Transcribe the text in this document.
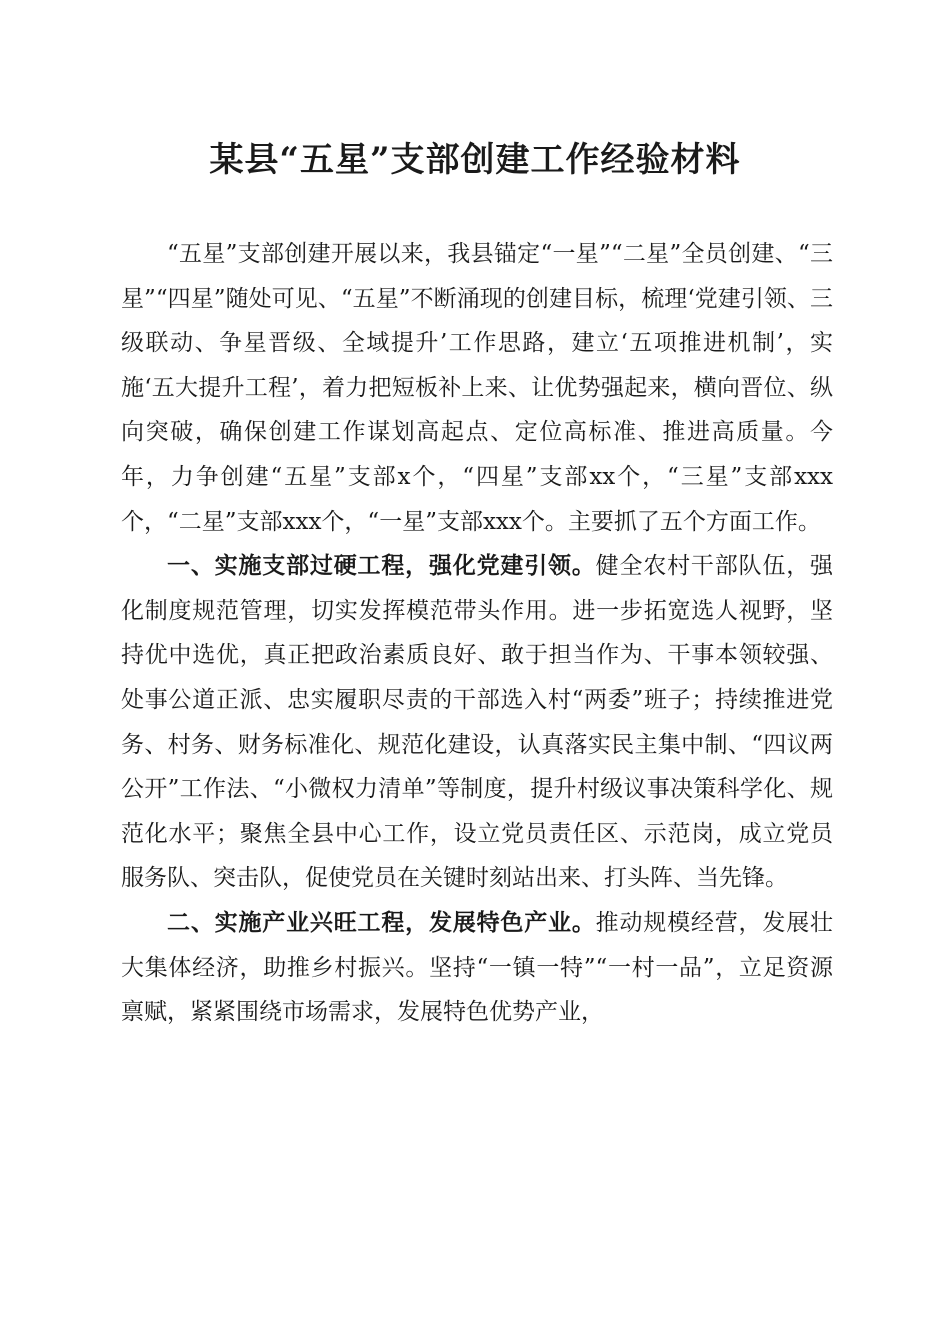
某县“五星”支部创建工作经验材料

“五星”支部创建开展以来，我县锚定“一星”“二星”全员创建、“三星”“四星”随处可见、“五星”不断涌现的创建目标，梳理‘党建引领、三级联动、争星晋级、全域提升’工作思路，建立‘五项推进机制’，实施‘五大提升工程’，着力把短板补上来、让优势强起来，横向晋位、纵向突破，确保创建工作谋划高起点、定位高标准、推进高质量。今年，力争创建“五星”支部x个，“四星”支部xx个，“三星”支部xxx个，“二星”支部xxx个，“一星”支部xxx个。主要抓了五个方面工作。

一、实施支部过硬工程，强化党建引领。健全农村干部队伍，强化制度规范管理，切实发挥模范带头作用。进一步拓宽选人视野，坚持优中选优，真正把政治素质良好、敢于担当作为、干事本领较强、处事公道正派、忠实履职尽责的干部选入村“两委”班子；持续推进党务、村务、财务标准化、规范化建设，认真落实民主集中制、“四议两公开”工作法、“小微权力清单”等制度，提升村级议事决策科学化、规范化水平；聚焦全县中心工作，设立党员责任区、示范岗，成立党员服务队、突击队，促使党员在关键时刻站出来、打头阵、当先锋。

二、实施产业兴旺工程，发展特色产业。推动规模经营，发展壮大集体经济，助推乡村振兴。坚持“一镇一特”“一村一品”，立足资源禀赋，紧紧围绕市场需求，发展特色优势产业，
